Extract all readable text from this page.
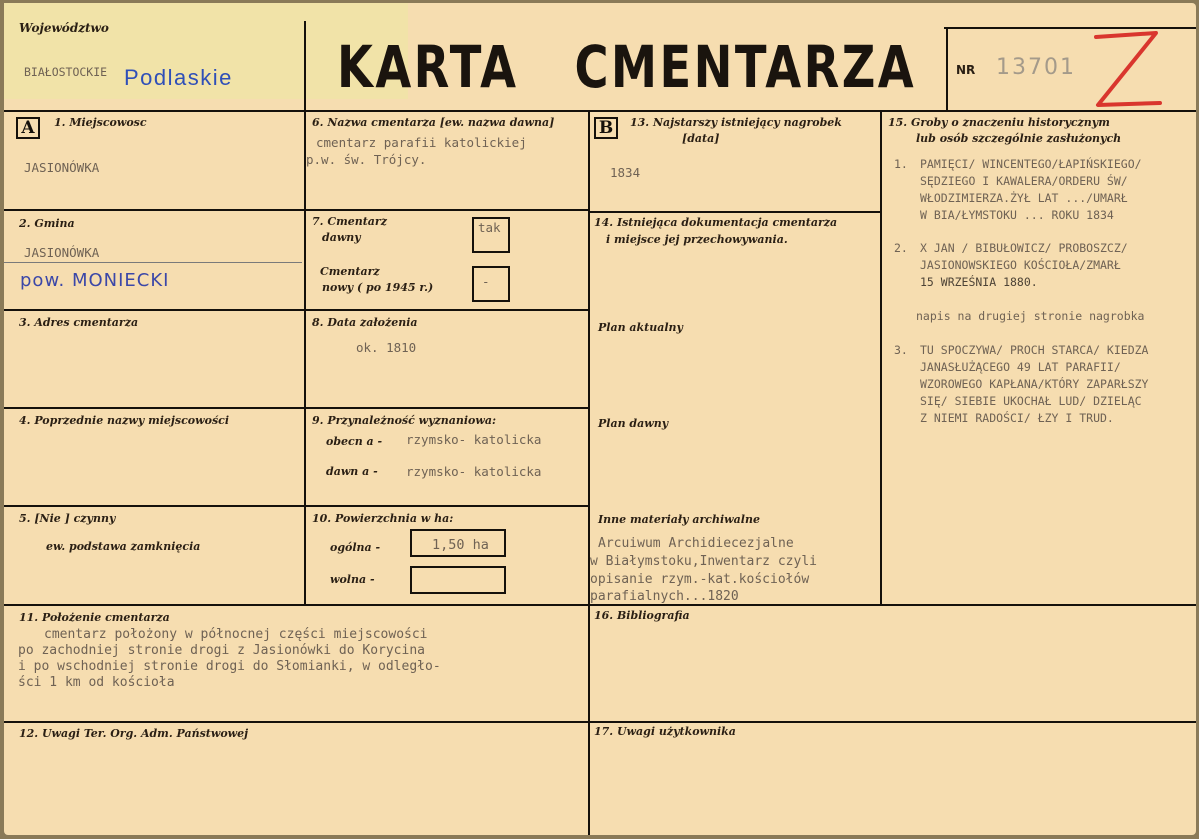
Województwo
BIAŁOSTOCKIE Podlaskie KARTA CMENTARZA	NR 13701
A	1. Miejscowosc
JASIONÓWKA
2. Gmina
JASIONÓWKA
pow. MONIECKI
3. Adres cmentarza
4. Poprzednie nazwy miejscowości
5. [Nie ] czynny
ew. podstawa zamknięcia
6. Nazwa cmentarza [ew. nazwa dawna]
cmentarz parafii katolickiej
p.w. św. Trójcy.
7. Cmentarz
dawny
tak
Cmentarz
nowy ( po 1945 r.)	-
8. Data założenia
ok. 1810
9. Przynależność wyznaniowa:
obecn a - rzymsko- katolicka
dawn a - rzymsko- katolicka
10. Powierzchnia w ha:
ogólna -	1,50 ha
wolna -
B	13. Najstarszy istniejący nagrobek
[data]
1834
14. Istniejąca dokumentacja cmentarza
i miejsce jej przechowywania.
Plan aktualny
Plan dawny
Inne materiały archiwalne
Arcuiwum Archidiecezjalne
w Białymstoku,Inwentarz czyli
opisanie rzym.-kat.kościołów
parafialnych...1820
15. Groby o znaczeniu historycznym
lub osób szczególnie zasłużonych
1. PAMIĘCI/ WINCENTEGO/ŁAPIŃSKIEGO/
SĘDZIEGO I KAWALERA/ORDERU ŚW/
WŁODZIMIERZA.ŻYŁ LAT .../UMARŁ
W BIA/ŁYMSTOKU ... ROKU 1834
2. X JAN / BIBUŁOWICZ/ PROBOSZCZ/
JASIONOWSKIEGO KOŚCIOŁA/ZMARŁ
15 WRZEŚNIA 1880.
napis na drugiej stronie nagrobka
3. TU SPOCZYWA/ PROCH STARCA/ KIEDZA
JANASŁUŻĄCEGO 49 LAT PARAFII/
WZOROWEGO KAPŁANA/KTÓRY ZAPARŁSZY
SIĘ/ SIEBIE UKOCHAŁ LUD/ DZIELĄC
Z NIEMI RADOŚCI/ ŁZY I TRUD.
11. Położenie cmentarza
cmentarz położony w północnej części miejscowości
po zachodniej stronie drogi z Jasionówki do Korycina
i po wschodniej stronie drogi do Słomianki, w odległo-
ści 1 km od kościoła
16. Bibliografia
12. Uwagi Ter. Org. Adm. Państwowej	17. Uwagi użytkownika
